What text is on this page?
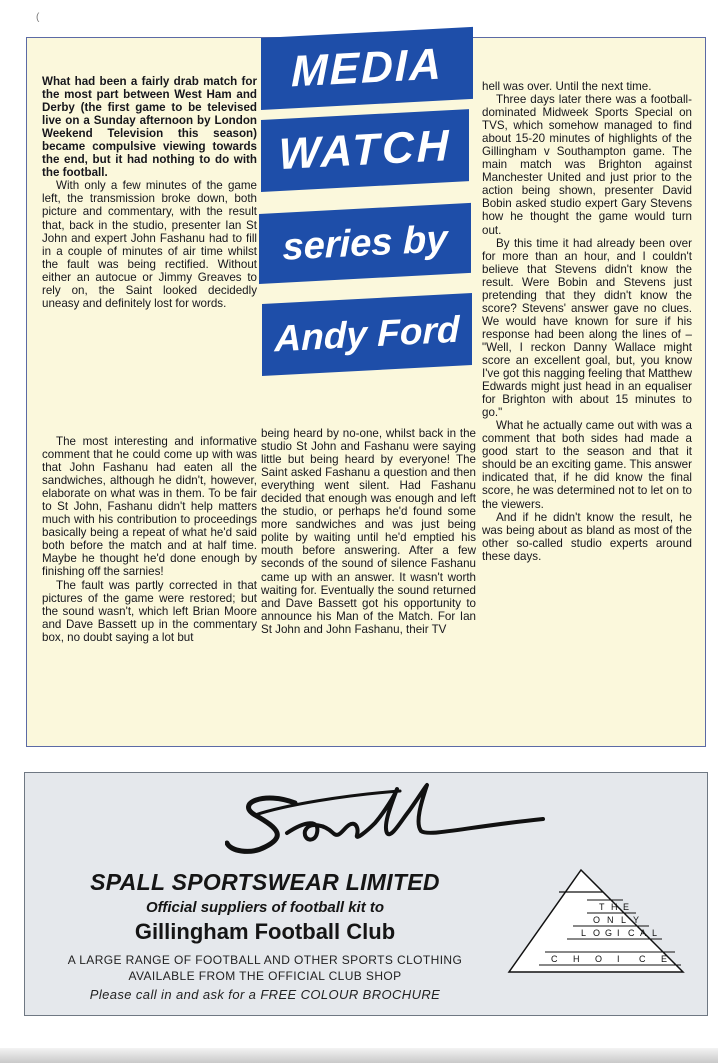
(

What had been a fairly drab match for the most part between West Ham and Derby (the first game to be televised live on a Sunday afternoon by London Weekend Television this season) became compulsive viewing towards the end, but it had nothing to do with the football.

With only a few minutes of the game left, the transmission broke down, both picture and commentary, with the result that, back in the studio, presenter Ian St John and expert John Fashanu had to fill in a couple of minutes of air time whilst the fault was being rectified. Without either an autocue or Jimmy Greaves to rely on, the Saint looked decidedly uneasy and definitely lost for words.

The most interesting and informative comment that he could come up with was that John Fashanu had eaten all the sandwiches, although he didn't, however, elaborate on what was in them. To be fair to St John, Fashanu didn't help matters much with his contribution to proceedings basically being a repeat of what he'd said both before the match and at half time. Maybe he thought he'd done enough by finishing off the sarnies!

The fault was partly corrected in that pictures of the game were restored; but the sound wasn't, which left Brian Moore and Dave Bassett up in the commentary box, no doubt saying a lot but

being heard by no-one, whilst back in the studio St John and Fashanu were saying little but being heard by everyone! The Saint asked Fashanu a question and then everything went silent. Had Fashanu decided that enough was enough and left the studio, or perhaps he'd found some more sandwiches and was just being polite by waiting until he'd emptied his mouth before answering. After a few seconds of the sound of silence Fashanu came up with an answer. It wasn't worth waiting for. Eventually the sound returned and Dave Bassett got his opportunity to announce his Man of the Match. For Ian St John and John Fashanu, their TV

hell was over. Until the next time.

Three days later there was a football-dominated Midweek Sports Special on TVS, which somehow managed to find about 15-20 minutes of highlights of the Gillingham v Southampton game. The main match was Brighton against Manchester United and just prior to the action being shown, presenter David Bobin asked studio expert Gary Stevens how he thought the game would turn out.

By this time it had already been over for more than an hour, and I couldn't believe that Stevens didn't know the result. Were Bobin and Stevens just pretending that they didn't know the score? Stevens' answer gave no clues. We would have known for sure if his response had been along the lines of – "Well, I reckon Danny Wallace might score an excellent goal, but, you know I've got this nagging feeling that Matthew Edwards might just head in an equaliser for Brighton with about 15 minutes to go."

What he actually came out with was a comment that both sides had made a good start to the season and that it should be an exciting game. This answer indicated that, if he did know the final score, he was determined not to let on to the viewers.

And if he didn't know the result, he was being about as bland as most of the other so-called studio experts around these days.

MEDIA
WATCH
series by
Andy Ford
SPALL SPORTSWEAR LIMITED
Official suppliers of football kit to
Gillingham Football Club
A LARGE RANGE OF FOOTBALL AND OTHER SPORTS CLOTHING
AVAILABLE FROM THE OFFICIAL CLUB SHOP
Please call in and ask for a FREE COLOUR BROCHURE
T H E
O N L Y
L O G I C A L
C H O I C E
